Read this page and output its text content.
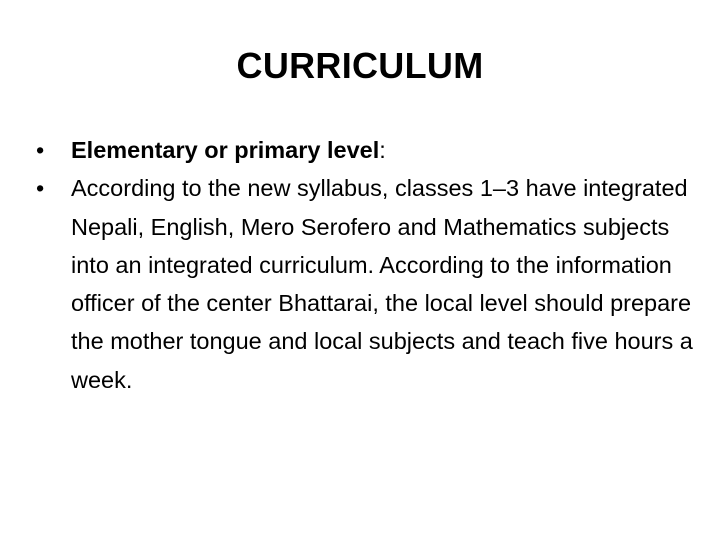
CURRICULUM
•	Elementary or primary level:
•	According to the new syllabus, classes 1–3 have integrated Nepali, English, Mero Serofero and Mathematics subjects into an integrated curriculum. According to the information officer of the center Bhattarai, the local level should prepare the mother tongue and local subjects and teach five hours a week.
